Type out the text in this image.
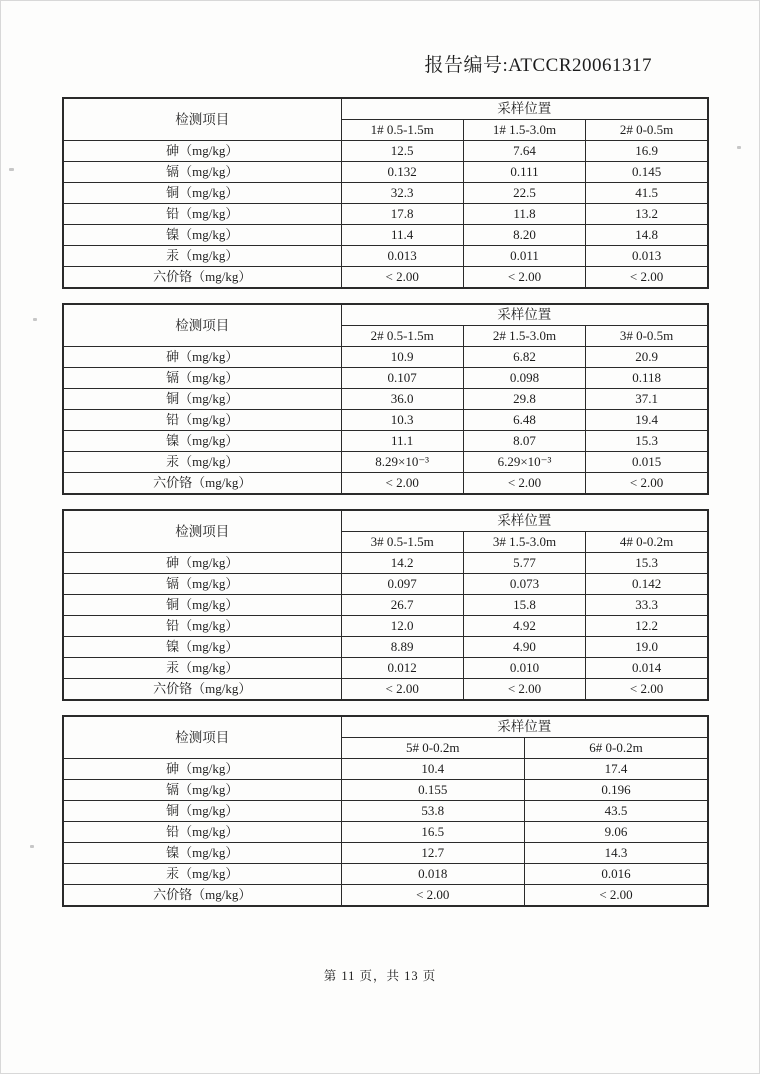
报告编号:ATCCR20061317
检测项目	采样位置		
	1# 0.5-1.5m	1# 1.5-3.0m	2# 0-0.5m
砷（mg/kg）	12.5	7.64	16.9
镉（mg/kg）	0.132	0.111	0.145
铜（mg/kg）	32.3	22.5	41.5
铅（mg/kg）	17.8	11.8	13.2
镍（mg/kg）	11.4	8.20	14.8
汞（mg/kg）	0.013	0.011	0.013
六价铬（mg/kg）	< 2.00	< 2.00	< 2.00
检测项目	采样位置		
	2# 0.5-1.5m	2# 1.5-3.0m	3# 0-0.5m
砷（mg/kg）	10.9	6.82	20.9
镉（mg/kg）	0.107	0.098	0.118
铜（mg/kg）	36.0	29.8	37.1
铅（mg/kg）	10.3	6.48	19.4
镍（mg/kg）	11.1	8.07	15.3
汞（mg/kg）	8.29×10⁻³	6.29×10⁻³	0.015
六价铬（mg/kg）	< 2.00	< 2.00	< 2.00
检测项目	采样位置		
	3# 0.5-1.5m	3# 1.5-3.0m	4# 0-0.2m
砷（mg/kg）	14.2	5.77	15.3
镉（mg/kg）	0.097	0.073	0.142
铜（mg/kg）	26.7	15.8	33.3
铅（mg/kg）	12.0	4.92	12.2
镍（mg/kg）	8.89	4.90	19.0
汞（mg/kg）	0.012	0.010	0.014
六价铬（mg/kg）	< 2.00	< 2.00	< 2.00
检测项目	采样位置	
	5# 0-0.2m	6# 0-0.2m
砷（mg/kg）	10.4	17.4
镉（mg/kg）	0.155	0.196
铜（mg/kg）	53.8	43.5
铅（mg/kg）	16.5	9.06
镍（mg/kg）	12.7	14.3
汞（mg/kg）	0.018	0.016
六价铬（mg/kg）	< 2.00	< 2.00
第 11 页，共 13 页
